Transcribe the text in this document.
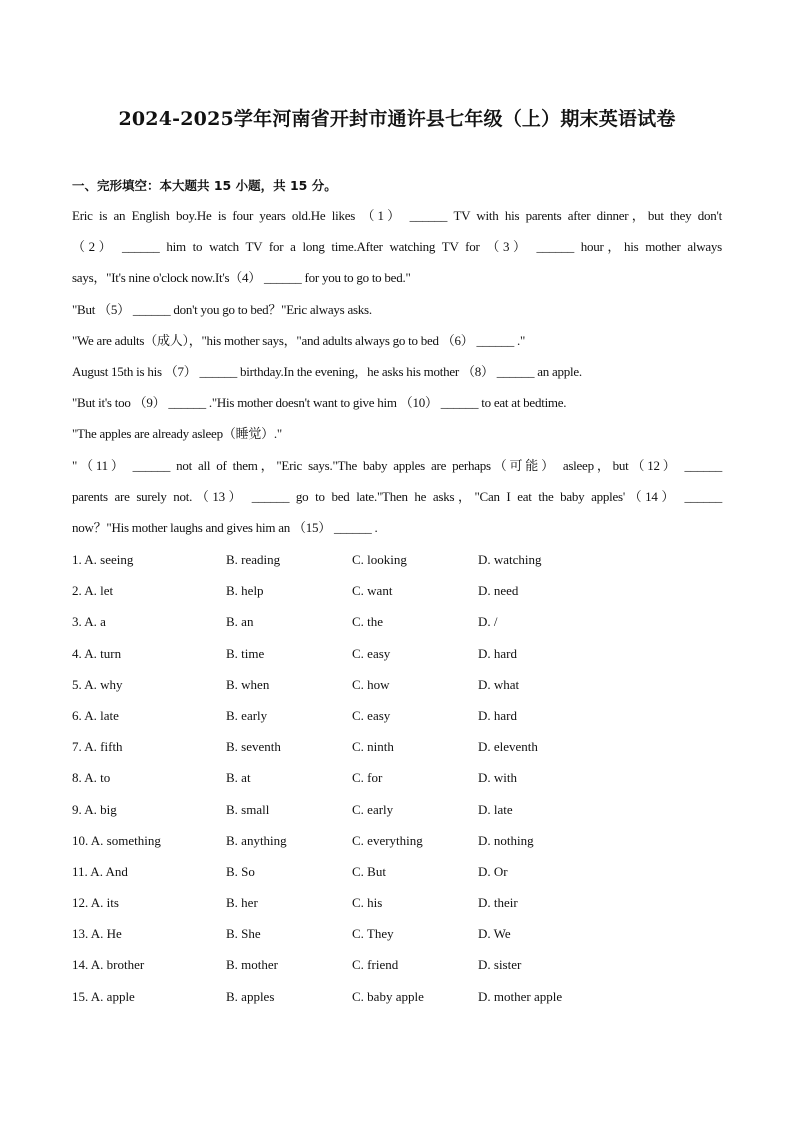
2024-2025学年河南省开封市通许县七年级（上）期末英语试卷
一、完形填空：本大题共 15 小题，共 15 分。
Eric is an English boy.He is four years old.He likes （1） ______ TV with his parents after dinner，but they don't
（2） ______ him to watch TV for a long time.After watching TV for （3） ______ hour，his mother always
says，"It's nine o'clock now.It's（4） ______ for you to go to bed."
"But （5） ______ don't you go to bed？"Eric always asks.
"We are adults（成人），"his mother says，"and adults always go to bed （6） ______ ."
August 15th is his （7） ______ birthday.In the evening，he asks his mother （8） ______ an apple.
"But it's too （9） ______ ."His mother doesn't want to give him （10） ______ to eat at bedtime.
"The apples are already asleep（睡觉）."
"（11） ______ not all of them，"Eric says."The baby apples are perhaps（可能） asleep，but（12） ______
parents are surely not.（13） ______ go to bed late."Then he asks，"Can I eat the baby apples'（14） ______
now？"His mother laughs and gives him an （15） ______ .
1. A. seeing	B. reading	C. looking	D. watching
2. A. let	B. help	C. want	D. need
3. A. a	B. an	C. the	D. /
4. A. turn	B. time	C. easy	D. hard
5. A. why	B. when	C. how	D. what
6. A. late	B. early	C. easy	D. hard
7. A. fifth	B. seventh	C. ninth	D. eleventh
8. A. to	B. at	C. for	D. with
9. A. big	B. small	C. early	D. late
10. A. something	B. anything	C. everything	D. nothing
11. A. And	B. So	C. But	D. Or
12. A. its	B. her	C. his	D. their
13. A. He	B. She	C. They	D. We
14. A. brother	B. mother	C. friend	D. sister
15. A. apple	B. apples	C. baby apple	D. mother apple
